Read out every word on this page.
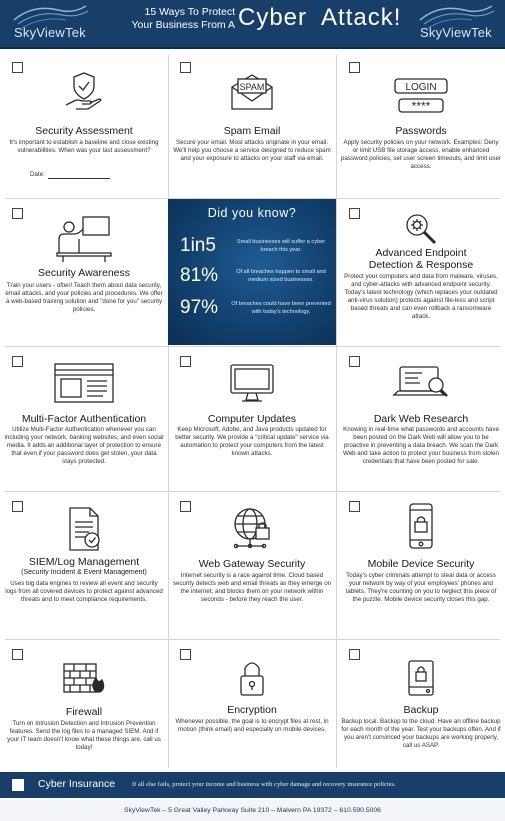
SkyViewTek
15 Ways To Protect
Your Business From A Cyber  Attack!
SkyViewTek
Security Assessment
It's important to establish a baseline and close existing vulnerabilities. When was your last assessment?
Date:
SPAM
Spam Email
Secure your email. Most attacks originate in your email. We'll help you choose a service designed to reduce spam and your exposure to attacks on your staff via email.
LOGIN
****
Passwords
Apply security policies on your network. Examples: Deny or limit USB file storage access, enable enhanced password policies, set user screen timeouts, and limit user access.
Security Awareness
Train your users - often! Teach them about data security, email attacks, and your policies and procedures. We offer a web-based training solution and "done for you" security policies.
Did you know?
1in5	Small businesses will suffer a cyber breach this year.
81%	Of all breaches happen to small and medium sized businesses.
97% Of breaches could have been prevented with today's technology.
Advanced Endpoint
Detection & Response
Protect your computers and data from malware, viruses, and cyber-attacks with advanced endpoint security. Today's latest technology (which replaces your outdated anti-virus solution) protects against file-less and script based threats and can even rollback a ransomware attack.
Multi-Factor Authentication
Utilize Multi-Factor Authentication whenever you can including your network, banking websites, and even social media. It adds an additional layer of protection to ensure that even if your password does get stolen, your data stays protected.
Computer Updates
Keep Microsoft, Adobe, and Java products updated for better security. We provide a "critical update" service via automation to protect your computers from the latest known attacks.
Dark Web Research
Knowing in real-time what passwords and accounts have been posted on the Dark Web will allow you to be proactive in preventing a data breach. We scan the Dark Web and take action to protect your business from stolen credentials that have been posted for sale.
SIEM/Log Management
(Security Incident & Event Management)
Uses big data engines to review all event and security logs from all covered devices to protect against advanced threats and to meet compliance requirements.
Web Gateway Security
Internet security is a race against time. Cloud based security detects web and email threats as they emerge on the internet, and blocks them on your network within seconds - before they reach the user.
Mobile Device Security
Today's cyber criminals attempt to steal data or access your network by way of your employees' phones and tablets. They're counting on you to neglect this piece of the puzzle. Mobile device security closes this gap.
Firewall
Turn on Intrusion Detection and Intrusion Prevention features. Send the log files to a managed SIEM. And if your IT team doesn't know what these things are, call us today!
Encryption
Whenever possible, the goal is to encrypt files at rest, in motion (think email) and especially on mobile devices.
Backup
Backup local. Backup to the cloud. Have an offline backup for each month of the year. Test your backups often. And if you aren't convinced your backups are working properly, call us ASAP.
Cyber Insurance	If all else fails, protect your income and business with cyber damage and recovery insurance policies.
SkyViewTek – 5 Great Valley Parkway Suite 210 – Malvern PA 19372 – 610.590.5006
